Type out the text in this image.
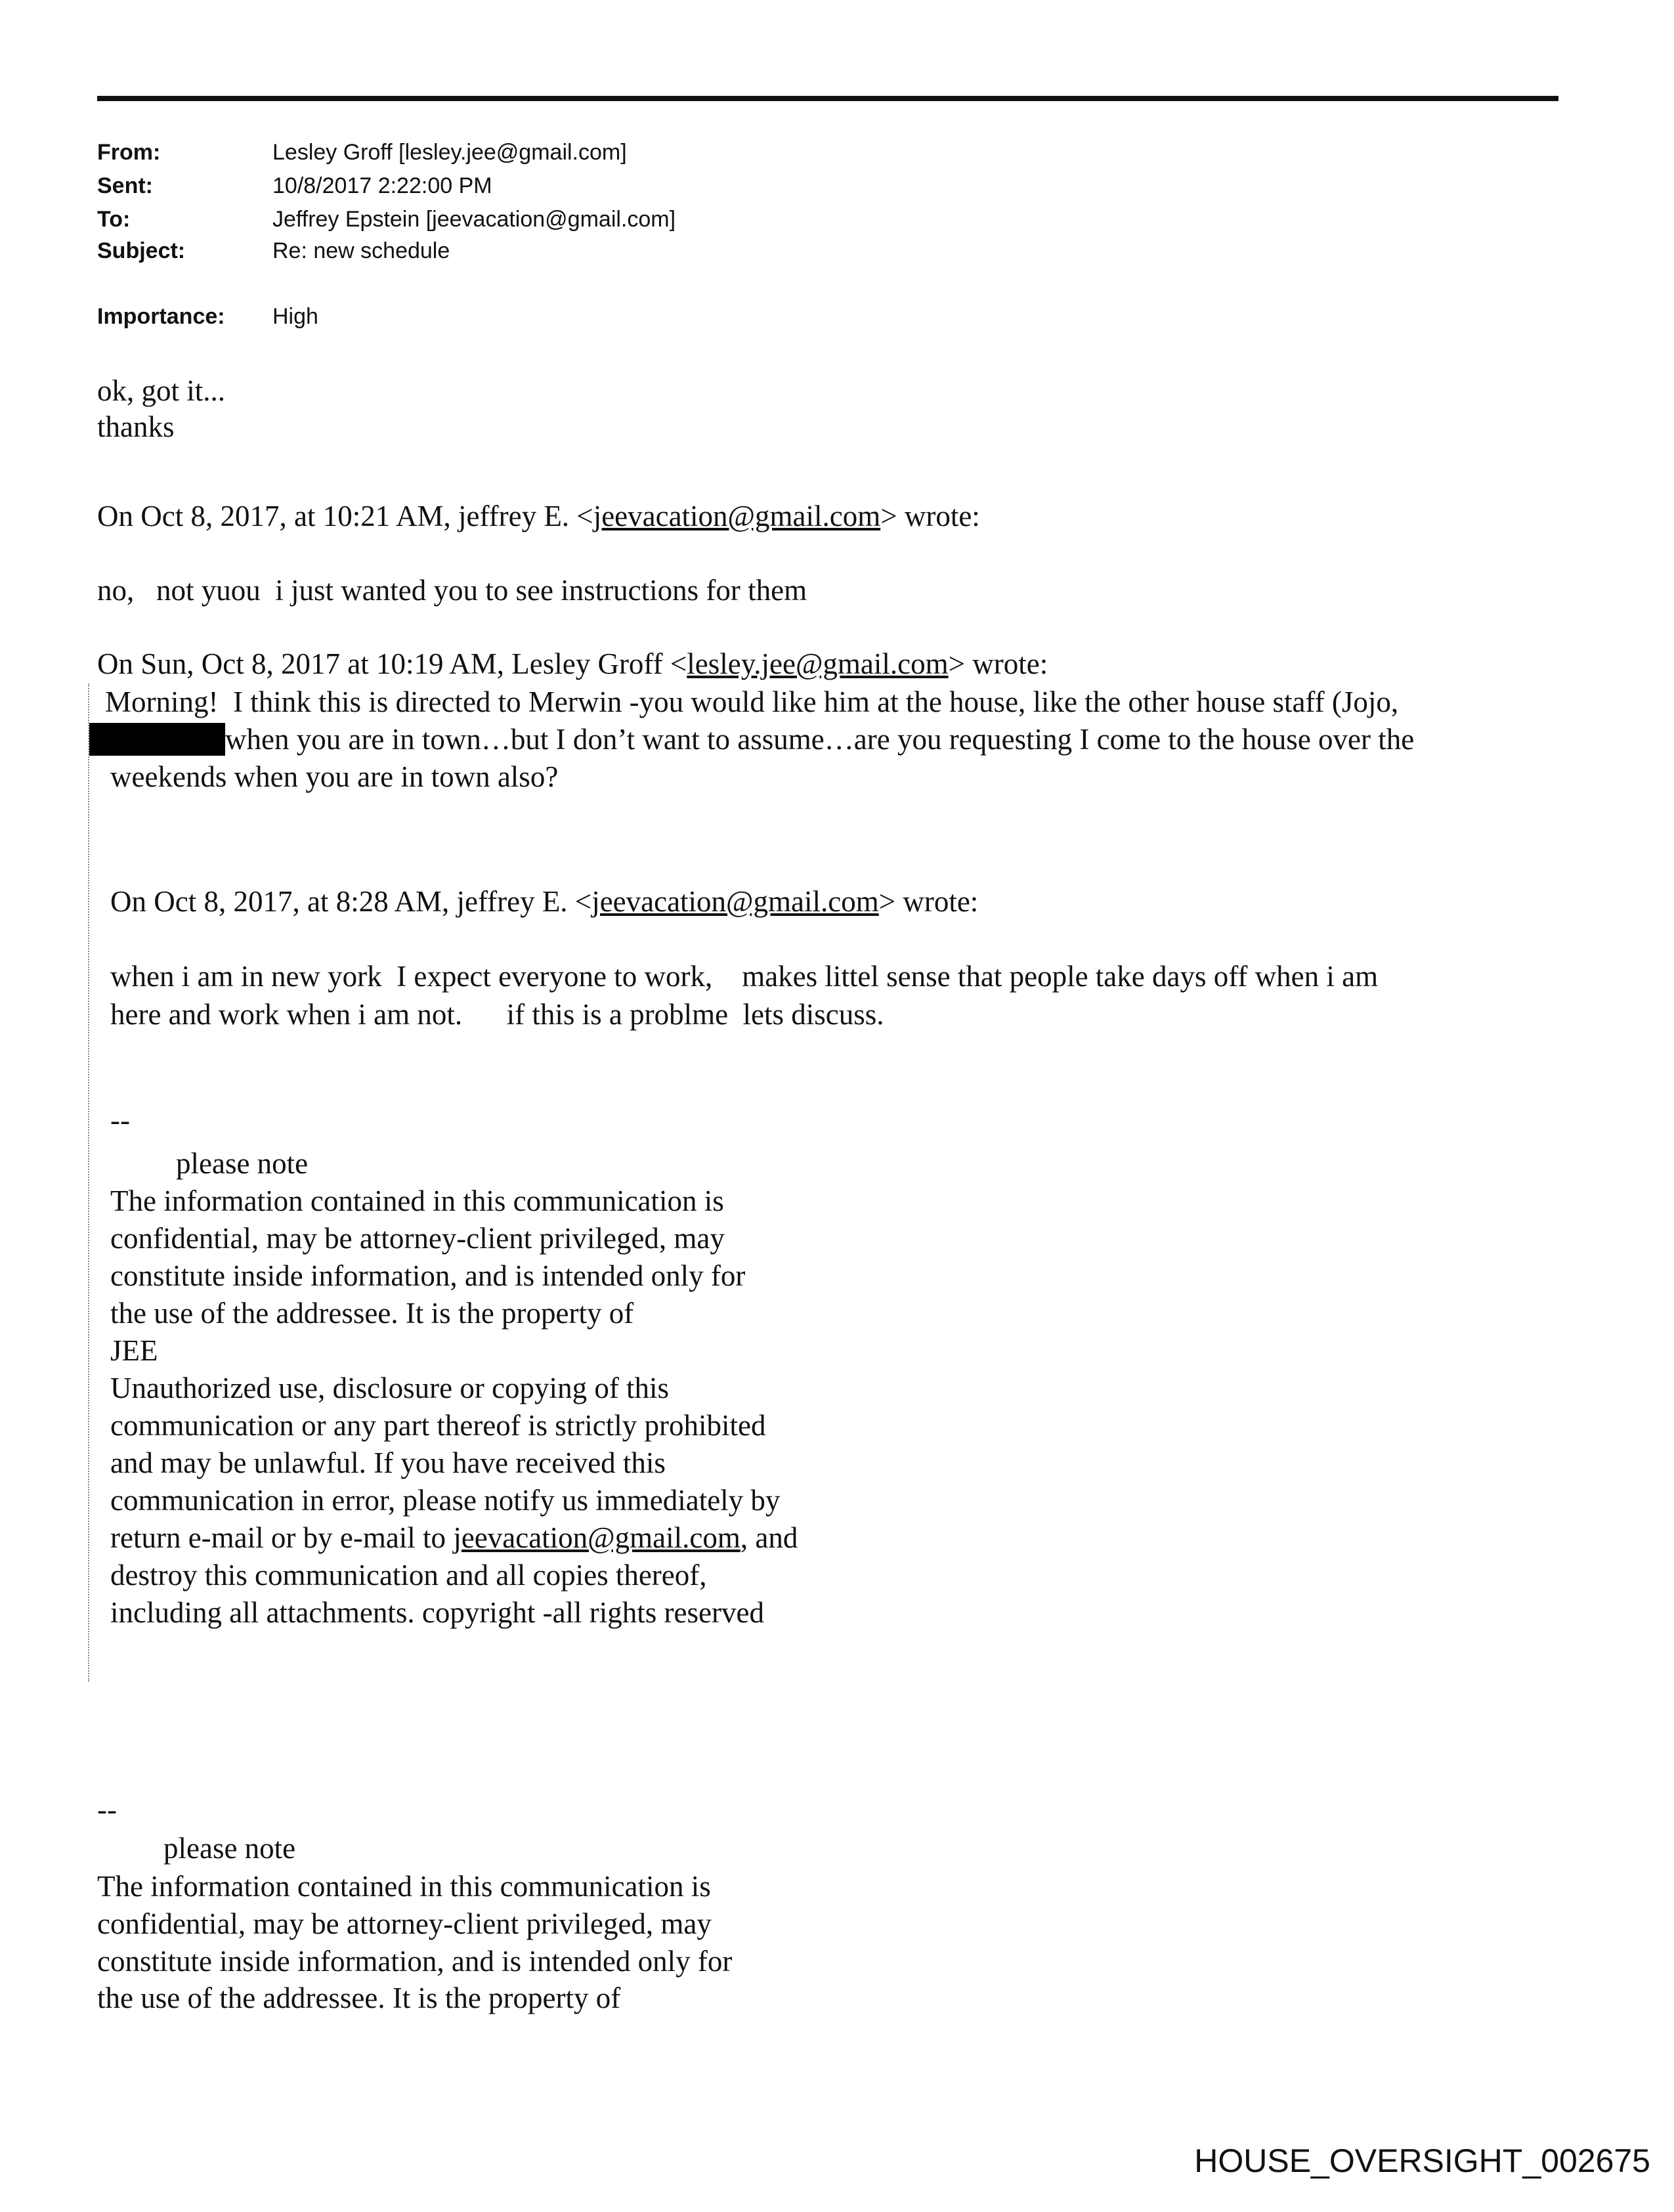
From:	Lesley Groff [lesley.jee@gmail.com]
Sent:	10/8/2017 2:22:00 PM
To:	Jeffrey Epstein [jeevacation@gmail.com]
Subject:	Re: new schedule
Importance: High
ok, got it...
thanks
On Oct 8, 2017, at 10:21 AM, jeffrey E. <jeevacation@gmail.com> wrote:
no,   not yuou  i just wanted you to see instructions for them
On Sun, Oct 8, 2017 at 10:19 AM, Lesley Groff <lesley.jee@gmail.com> wrote:
Morning!  I think this is directed to Merwin -you would like him at the house, like the other house staff (Jojo,
when you are in town…but I don’t want to assume…are you requesting I come to the house over the
weekends when you are in town also?
On Oct 8, 2017, at 8:28 AM, jeffrey E. <jeevacation@gmail.com> wrote:
when i am in new york  I expect everyone to work,    makes littel sense that people take days off when i am
here and work when i am not.      if this is a problme  lets discuss.
--
please note
The information contained in this communication is
confidential, may be attorney-client privileged, may
constitute inside information, and is intended only for
the use of the addressee. It is the property of
JEE
Unauthorized use, disclosure or copying of this
communication or any part thereof is strictly prohibited
and may be unlawful. If you have received this
communication in error, please notify us immediately by
return e-mail or by e-mail to jeevacation@gmail.com, and
destroy this communication and all copies thereof,
including all attachments. copyright -all rights reserved
--
please note
The information contained in this communication is
confidential, may be attorney-client privileged, may
constitute inside information, and is intended only for
the use of the addressee. It is the property of
HOUSE_OVERSIGHT_002675
